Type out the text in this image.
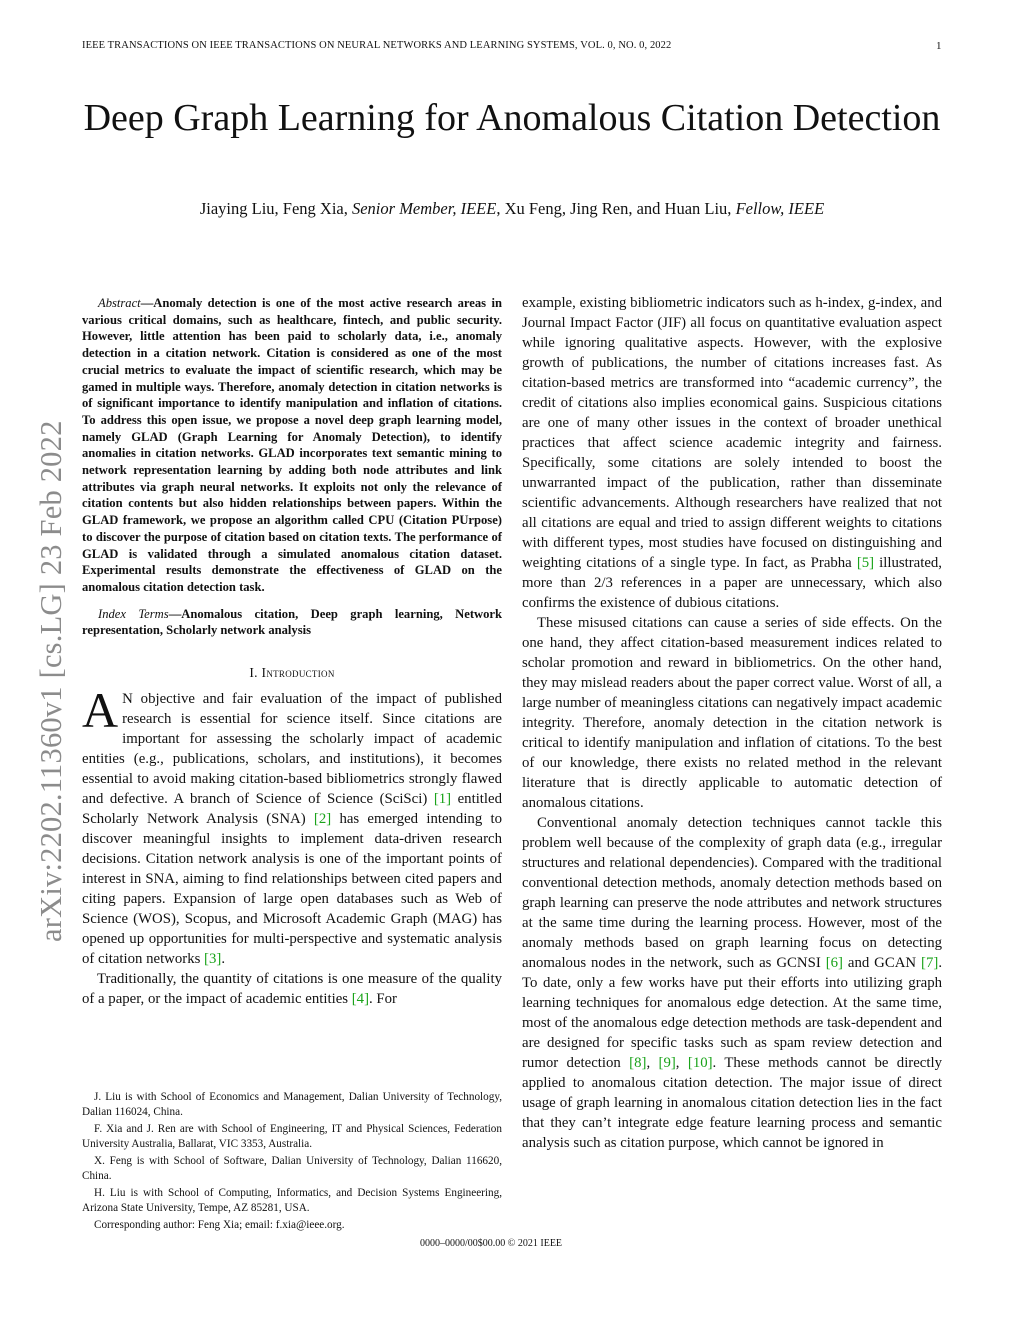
IEEE TRANSACTIONS ON IEEE TRANSACTIONS ON NEURAL NETWORKS AND LEARNING SYSTEMS, VOL. 0, NO. 0, 2022	1
Deep Graph Learning for Anomalous Citation Detection
Jiaying Liu, Feng Xia, Senior Member, IEEE, Xu Feng, Jing Ren, and Huan Liu, Fellow, IEEE
arXiv:2202.11360v1 [cs.LG] 23 Feb 2022

Abstract—Anomaly detection is one of the most active research areas in various critical domains, such as healthcare, fintech, and public security. However, little attention has been paid to scholarly data, i.e., anomaly detection in a citation network. Citation is considered as one of the most crucial metrics to evaluate the impact of scientific research, which may be gamed in multiple ways. Therefore, anomaly detection in citation networks is of significant importance to identify manipulation and inflation of citations. To address this open issue, we propose a novel deep graph learning model, namely GLAD (Graph Learning for Anomaly Detection), to identify anomalies in citation networks. GLAD incorporates text semantic mining to network representation learning by adding both node attributes and link attributes via graph neural networks. It exploits not only the relevance of citation contents but also hidden relationships between papers. Within the GLAD framework, we propose an algorithm called CPU (Citation PUrpose) to discover the purpose of citation based on citation texts. The performance of GLAD is validated through a simulated anomalous citation dataset. Experimental results demonstrate the effectiveness of GLAD on the anomalous citation detection task.

Index Terms—Anomalous citation, Deep graph learning, Network representation, Scholarly network analysis

I. Introduction

A N objective and fair evaluation of the impact of published research is essential for science itself. Since citations are important for assessing the scholarly impact of academic entities (e.g., publications, scholars, and institutions), it becomes essential to avoid making citation-based bibliometrics strongly flawed and defective. A branch of Science of Science (SciSci) [1] entitled Scholarly Network Analysis (SNA) [2] has emerged intending to discover meaningful insights to implement data-driven research decisions. Citation network analysis is one of the important points of interest in SNA, aiming to find relationships between cited papers and citing papers. Expansion of large open databases such as Web of Science (WOS), Scopus, and Microsoft Academic Graph (MAG) has opened up opportunities for multi-perspective and systematic analysis of citation networks [3].

Traditionally, the quantity of citations is one measure of the quality of a paper, or the impact of academic entities [4]. For

J. Liu is with School of Economics and Management, Dalian University of Technology, Dalian 116024, China.

F. Xia and J. Ren are with School of Engineering, IT and Physical Sciences, Federation University Australia, Ballarat, VIC 3353, Australia.

X. Feng is with School of Software, Dalian University of Technology, Dalian 116620, China.

H. Liu is with School of Computing, Informatics, and Decision Systems Engineering, Arizona State University, Tempe, AZ 85281, USA.

Corresponding author: Feng Xia; email: f.xia@ieee.org.

example, existing bibliometric indicators such as h-index, g-index, and Journal Impact Factor (JIF) all focus on quantitative evaluation aspect while ignoring qualitative aspects. However, with the explosive growth of publications, the number of citations increases fast. As citation-based metrics are transformed into “academic currency”, the credit of citations also implies economical gains. Suspicious citations are one of many other issues in the context of broader unethical practices that affect science academic integrity and fairness. Specifically, some citations are solely intended to boost the unwarranted impact of the publication, rather than disseminate scientific advancements. Although researchers have realized that not all citations are equal and tried to assign different weights to citations with different types, most studies have focused on distinguishing and weighting citations of a single type. In fact, as Prabha [5] illustrated, more than 2/3 references in a paper are unnecessary, which also confirms the existence of dubious citations.

These misused citations can cause a series of side effects. On the one hand, they affect citation-based measurement indices related to scholar promotion and reward in bibliometrics. On the other hand, they may mislead readers about the paper correct value. Worst of all, a large number of meaningless citations can negatively impact academic integrity. Therefore, anomaly detection in the citation network is critical to identify manipulation and inflation of citations. To the best of our knowledge, there exists no related method in the relevant literature that is directly applicable to automatic detection of anomalous citations.

Conventional anomaly detection techniques cannot tackle this problem well because of the complexity of graph data (e.g., irregular structures and relational dependencies). Compared with the traditional conventional detection methods, anomaly detection methods based on graph learning can preserve the node attributes and network structures at the same time during the learning process. However, most of the anomaly methods based on graph learning focus on detecting anomalous nodes in the network, such as GCNSI [6] and GCAN [7]. To date, only a few works have put their efforts into utilizing graph learning techniques for anomalous edge detection. At the same time, most of the anomalous edge detection methods are task-dependent and are designed for specific tasks such as spam review detection and rumor detection [8], [9], [10]. These methods cannot be directly applied to anomalous citation detection. The major issue of direct usage of graph learning in anomalous citation detection lies in the fact that they can’t integrate edge feature learning process and semantic analysis such as citation purpose, which cannot be ignored in

0000–0000/00$00.00 © 2021 IEEE
